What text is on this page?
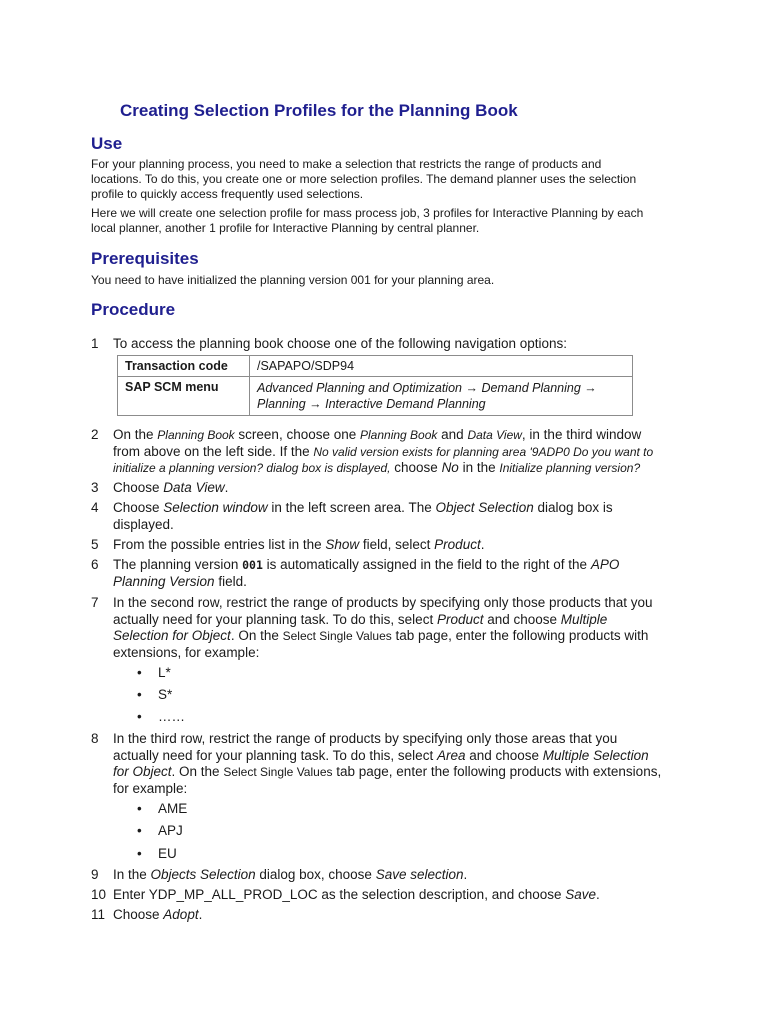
Creating Selection Profiles for the Planning Book
Use
For your planning process, you need to make a selection that restricts the range of products and
locations. To do this, you create one or more selection profiles. The demand planner uses the selection
profile to quickly access frequently used selections.
Here we will create one selection profile for mass process job, 3 profiles for Interactive Planning by each
local planner, another 1 profile for Interactive Planning by central planner.
Prerequisites
You need to have initialized the planning version 001 for your planning area.
Procedure
1	To access the planning book choose one of the following navigation options:
Transaction code	/SAPAPO/SDP94
SAP SCM menu	Advanced Planning and Optimization → Demand Planning →
Planning → Interactive Demand Planning
2	On the Planning Book screen, choose one Planning Book and Data View, in the third window
from above on the left side. If the No valid version exists for planning area '9ADP0 Do you want to
initialize a planning version? dialog box is displayed, choose No in the Initialize planning version?
3	Choose Data View.
4	Choose Selection window in the left screen area. The Object Selection dialog box is
displayed.
5	From the possible entries list in the Show field, select Product.
6	The planning version 001 is automatically assigned in the field to the right of the APO
Planning Version field.
7	In the second row, restrict the range of products by specifying only those products that you
actually need for your planning task. To do this, select Product and choose Multiple
Selection for Object. On the Select Single Values tab page, enter the following products with
extensions, for example:
• L*
• S*
• ……
8	In the third row, restrict the range of products by specifying only those areas that you
actually need for your planning task. To do this, select Area and choose Multiple Selection
for Object. On the Select Single Values tab page, enter the following products with extensions,
for example:
• AME
• APJ
• EU
9	In the Objects Selection dialog box, choose Save selection.
10 Enter YDP_MP_ALL_PROD_LOC as the selection description, and choose Save.
11 Choose Adopt.
